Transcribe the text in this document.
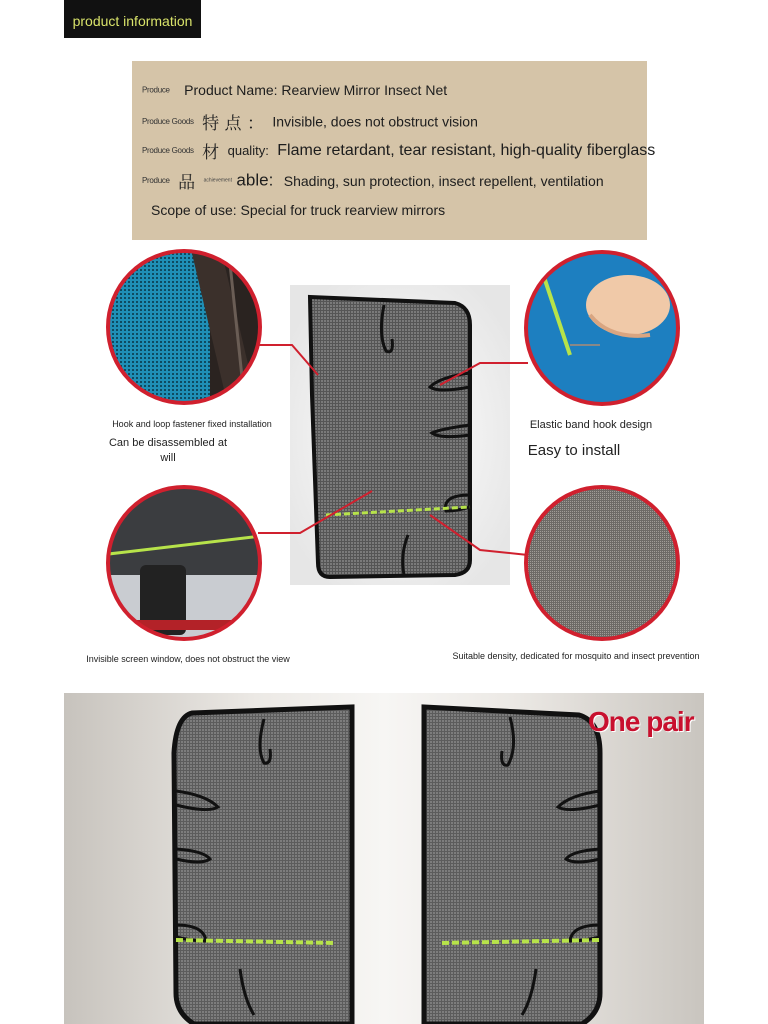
product information
Produce Product Name: Rearview Mirror Insect Net
Produce Goods 特 点 ： Invisible, does not obstruct vision
Produce Goods 材 quality: Flame retardant, tear resistant, high-quality fiberglass
Produce 品 achievement able: Shading, sun protection, insect repellent, ventilation
Scope of use: Special for truck rearview mirrors
Hook and loop fastener fixed installation
Can be disassembled at
will
Elastic band hook design
Easy to install
Invisible screen window, does not obstruct the view	Suitable density, dedicated for mosquito and insect prevention
One pair
